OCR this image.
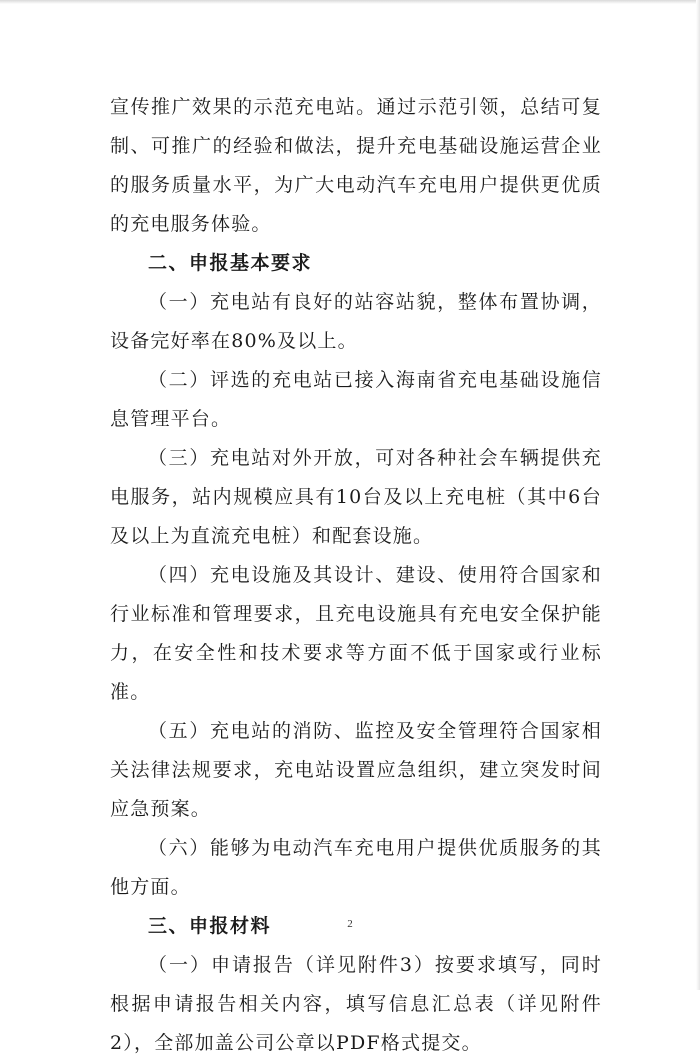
宣传推广效果的示范充电站。通过示范引领，总结可复制、可推广的经验和做法，提升充电基础设施运营企业的服务质量水平，为广大电动汽车充电用户提供更优质的充电服务体验。

二、申报基本要求

（一）充电站有良好的站容站貌，整体布置协调，设备完好率在80%及以上。

（二）评选的充电站已接入海南省充电基础设施信息管理平台。

（三）充电站对外开放，可对各种社会车辆提供充电服务，站内规模应具有10台及以上充电桩（其中6台及以上为直流充电桩）和配套设施。

（四）充电设施及其设计、建设、使用符合国家和行业标准和管理要求，且充电设施具有充电安全保护能力，在安全性和技术要求等方面不低于国家或行业标准。

（五）充电站的消防、监控及安全管理符合国家相关法律法规要求，充电站设置应急组织，建立突发时间应急预案。

（六）能够为电动汽车充电用户提供优质服务的其他方面。

三、申报材料

（一）申请报告（详见附件3）按要求填写，同时根据申请报告相关内容，填写信息汇总表（详见附件2），全部加盖公司公章以PDF格式提交。

2
